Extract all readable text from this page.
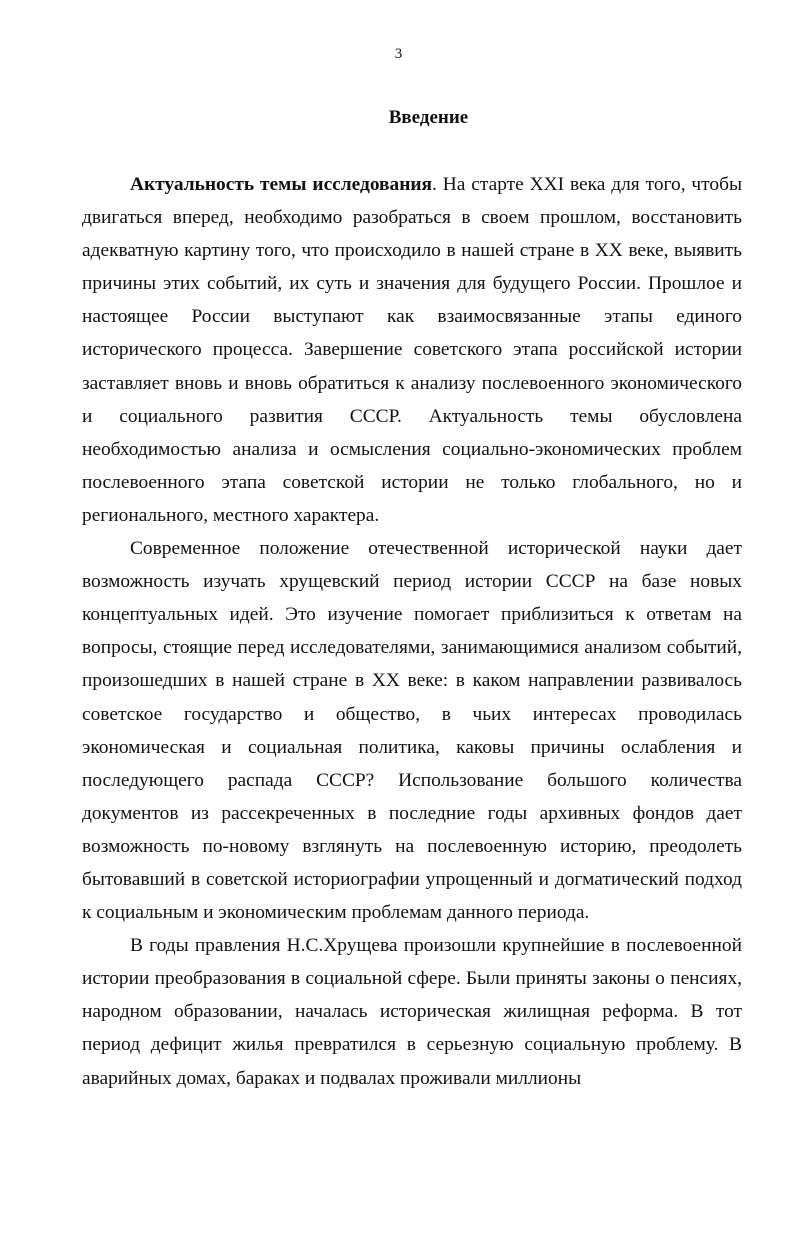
3
Введение

Актуальность темы исследования. На старте XXI века для того, чтобы двигаться вперед, необходимо разобраться в своем прошлом, восстановить адекватную картину того, что происходило в нашей стране в XX веке, выявить причины этих событий, их суть и значения для будущего России. Прошлое и настоящее России выступают как взаимосвязанные этапы единого исторического процесса. Завершение советского этапа российской истории заставляет вновь и вновь обратиться к анализу послевоенного экономического и социального развития СССР. Актуальность темы обусловлена необходимостью анализа и осмысления социально-экономических проблем послевоенного этапа советской истории не только глобального, но и регионального, местного характера.

Современное положение отечественной исторической науки дает возможность изучать хрущевский период истории СССР на базе новых концептуальных идей. Это изучение помогает приблизиться к ответам на вопросы, стоящие перед исследователями, занимающимися анализом событий, произошедших в нашей стране в XX веке: в каком направлении развивалось советское государство и общество, в чьих интересах проводилась экономическая и социальная политика, каковы причины ослабления и последующего распада СССР? Использование большого количества документов из рассекреченных в последние годы архивных фондов дает возможность по-новому взглянуть на послевоенную историю, преодолеть бытовавший в советской историографии упрощенный и догматический подход к социальным и экономическим проблемам данного периода.

В годы правления Н.С.Хрущева произошли крупнейшие в послевоенной истории преобразования в социальной сфере. Были приняты законы о пенсиях, народном образовании, началась историческая жилищная реформа. В тот период дефицит жилья превратился в серьезную социальную проблему. В аварийных домах, бараках и подвалах проживали миллионы
